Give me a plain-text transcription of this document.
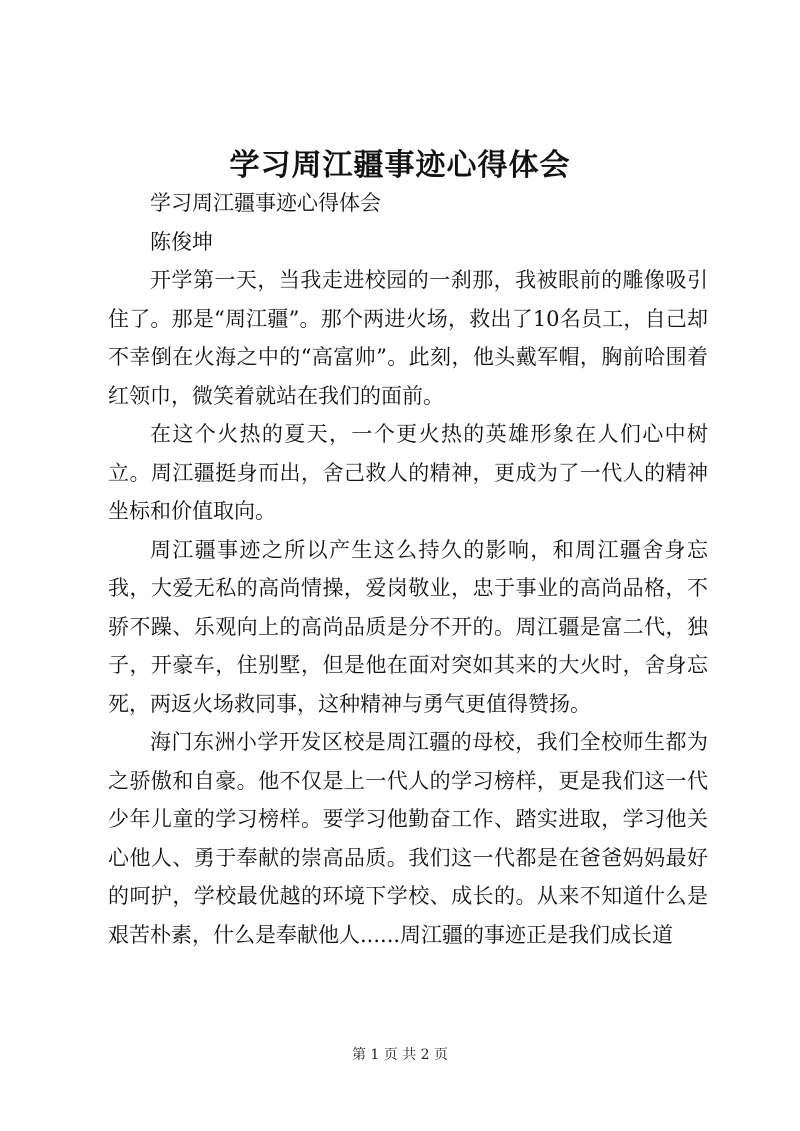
学习周江疆事迹心得体会

学习周江疆事迹心得体会

陈俊坤

开学第一天，当我走进校园的一刹那，我被眼前的雕像吸引住了。那是“周江疆”。那个两进火场，救出了10名员工，自己却不幸倒在火海之中的“高富帅”。此刻，他头戴军帽，胸前哈围着红领巾，微笑着就站在我们的面前。

在这个火热的夏天，一个更火热的英雄形象在人们心中树立。周江疆挺身而出，舍己救人的精神，更成为了一代人的精神坐标和价值取向。

周江疆事迹之所以产生这么持久的影响，和周江疆舍身忘我，大爱无私的高尚情操，爱岗敬业，忠于事业的高尚品格，不骄不躁、乐观向上的高尚品质是分不开的。周江疆是富二代，独子，开豪车，住别墅，但是他在面对突如其来的大火时，舍身忘死，两返火场救同事，这种精神与勇气更值得赞扬。

海门东洲小学开发区校是周江疆的母校，我们全校师生都为之骄傲和自豪。他不仅是上一代人的学习榜样，更是我们这一代少年儿童的学习榜样。要学习他勤奋工作、踏实进取，学习他关心他人、勇于奉献的崇高品质。我们这一代都是在爸爸妈妈最好的呵护，学校最优越的环境下学校、成长的。从来不知道什么是艰苦朴素，什么是奉献他人......周江疆的事迹正是我们成长道

第 1 页 共 2 页
